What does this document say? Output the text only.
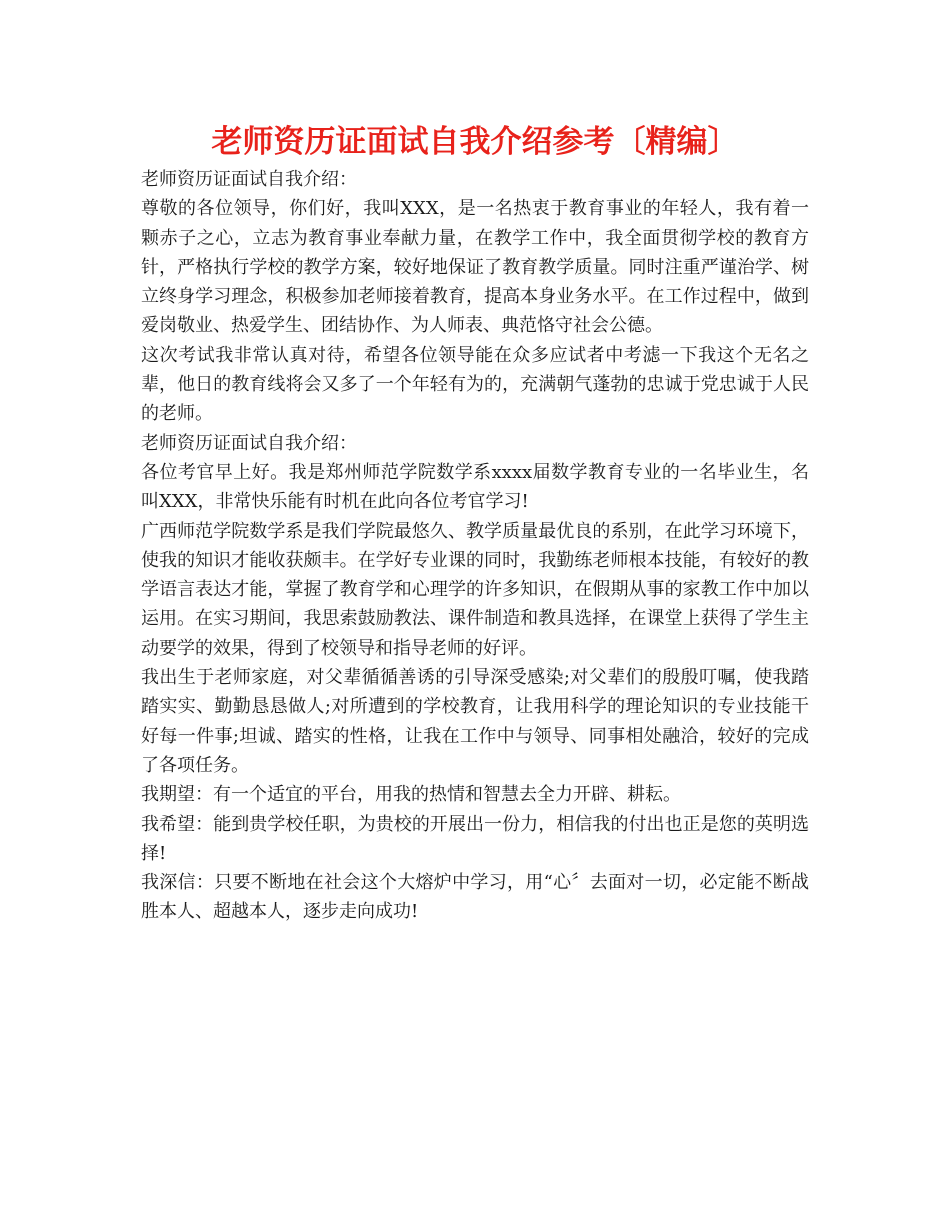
老师资历证面试自我介绍参考〔精编〕

老师资历证面试自我介绍：

尊敬的各位领导，你们好，我叫XXX，是一名热衷于教育事业的年轻人，我有着一颗赤子之心，立志为教育事业奉献力量，在教学工作中，我全面贯彻学校的教育方针，严格执行学校的教学方案，较好地保证了教育教学质量。同时注重严谨治学、树立终身学习理念，积极参加老师接着教育，提高本身业务水平。在工作过程中，做到爱岗敬业、热爱学生、团结协作、为人师表、典范恪守社会公德。

这次考试我非常认真对待，希望各位领导能在众多应试者中考滤一下我这个无名之辈，他日的教育线将会又多了一个年轻有为的，充满朝气蓬勃的忠诚于党忠诚于人民的老师。

老师资历证面试自我介绍：

各位考官早上好。我是郑州师范学院数学系xxxx届数学教育专业的一名毕业生，名叫XXX，非常快乐能有时机在此向各位考官学习!

广西师范学院数学系是我们学院最悠久、教学质量最优良的系别，在此学习环境下，使我的知识才能收获颇丰。在学好专业课的同时，我勤练老师根本技能，有较好的教学语言表达才能，掌握了教育学和心理学的许多知识，在假期从事的家教工作中加以运用。在实习期间，我思索鼓励教法、课件制造和教具选择，在课堂上获得了学生主动要学的效果，得到了校领导和指导老师的好评。

我出生于老师家庭，对父辈循循善诱的引导深受感染;对父辈们的殷殷叮嘱，使我踏踏实实、勤勤恳恳做人;对所遭到的学校教育，让我用科学的理论知识的专业技能干好每一件事;坦诚、踏实的性格，让我在工作中与领导、同事相处融洽，较好的完成了各项任务。

我期望：有一个适宜的平台，用我的热情和智慧去全力开辟、耕耘。

我希望：能到贵学校任职，为贵校的开展出一份力，相信我的付出也正是您的英明选择!

我深信：只要不断地在社会这个大熔炉中学习，用“心〞去面对一切，必定能不断战胜本人、超越本人，逐步走向成功!
